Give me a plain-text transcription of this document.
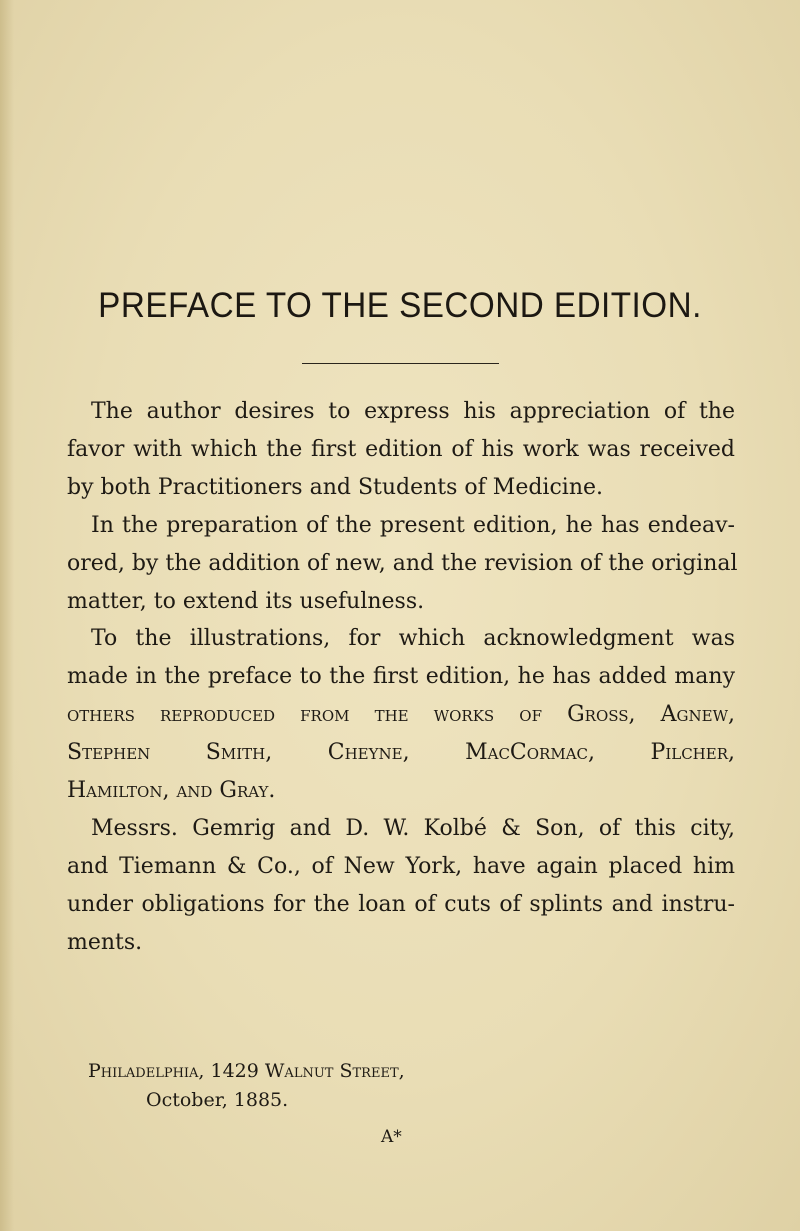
PREFACE TO THE SECOND EDITION.
The author desires to express his appreciation of the
favor with which the first edition of his work was received
by both Practitioners and Students of Medicine.
In the preparation of the present edition, he has endeav-
ored, by the addition of new, and the revision of the original
matter, to extend its usefulness.
To the illustrations, for which acknowledgment was
made in the preface to the first edition, he has added many
others reproduced from the works of Gross, Agnew,
Stephen Smith, Cheyne, MacCormac, Pilcher,
Hamilton, and Gray.
Messrs. Gemrig and D. W. Kolbé & Son, of this city,
and Tiemann & Co., of New York, have again placed him
under obligations for the loan of cuts of splints and instru-
ments.
Philadelphia, 1429 Walnut Street,
October, 1885.
A*
